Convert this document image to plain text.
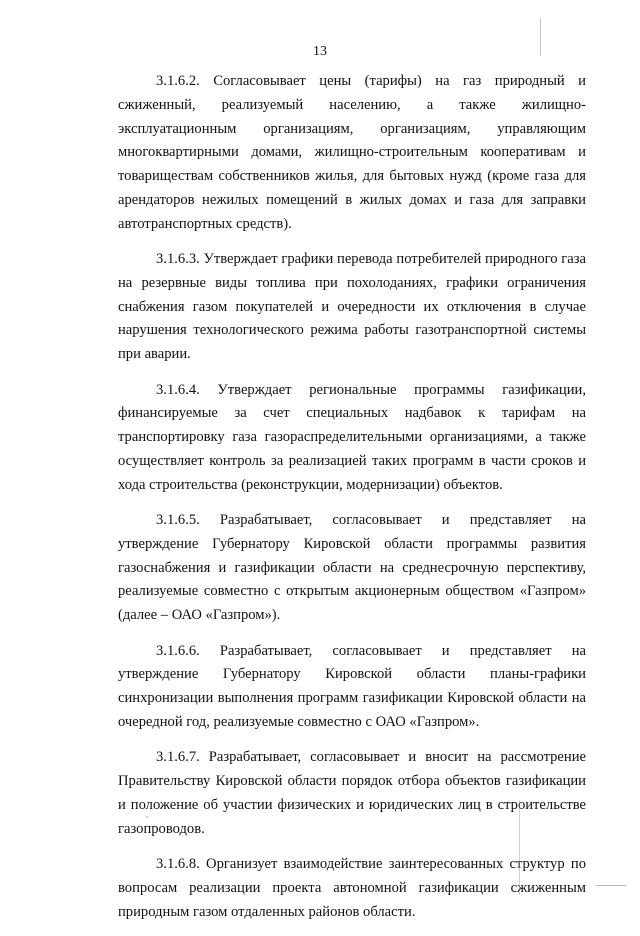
13

3.1.6.2. Согласовывает цены (тарифы) на газ природный и сжиженный, реализуемый населению, а также жилищно-эксплуатационным организациям, организациям, управляющим многоквартирными домами, жилищно-строительным кооперативам и товариществам собственников жилья, для бытовых нужд (кроме газа для арендаторов нежилых помещений в жилых домах и газа для заправки автотранспортных средств).

3.1.6.3. Утверждает графики перевода потребителей природного газа на резервные виды топлива при похолоданиях, графики ограничения снабжения газом покупателей и очередности их отключения в случае нарушения технологического режима работы газотранспортной системы при аварии.

3.1.6.4. Утверждает региональные программы газификации, финансируемые за счет специальных надбавок к тарифам на транспортировку газа газораспределительными организациями, а также осуществляет контроль за реализацией таких программ в части сроков и хода строительства (реконструкции, модернизации) объектов.

3.1.6.5. Разрабатывает, согласовывает и представляет на утверждение Губернатору Кировской области программы развития газоснабжения и газификации области на среднесрочную перспективу, реализуемые совместно с открытым акционерным обществом «Газпром» (далее – ОАО «Газпром»).

3.1.6.6. Разрабатывает, согласовывает и представляет на утверждение Губернатору Кировской области планы-графики синхронизации выполнения программ газификации Кировской области на очередной год, реализуемые совместно с ОАО «Газпром».

3.1.6.7. Разрабатывает, согласовывает и вносит на рассмотрение Правительству Кировской области порядок отбора объектов газификации и положение об участии физических и юридических лиц в строительстве газопроводов.

3.1.6.8. Организует взаимодействие заинтересованных структур по вопросам реализации проекта автономной газификации сжиженным природным газом отдаленных районов области.
